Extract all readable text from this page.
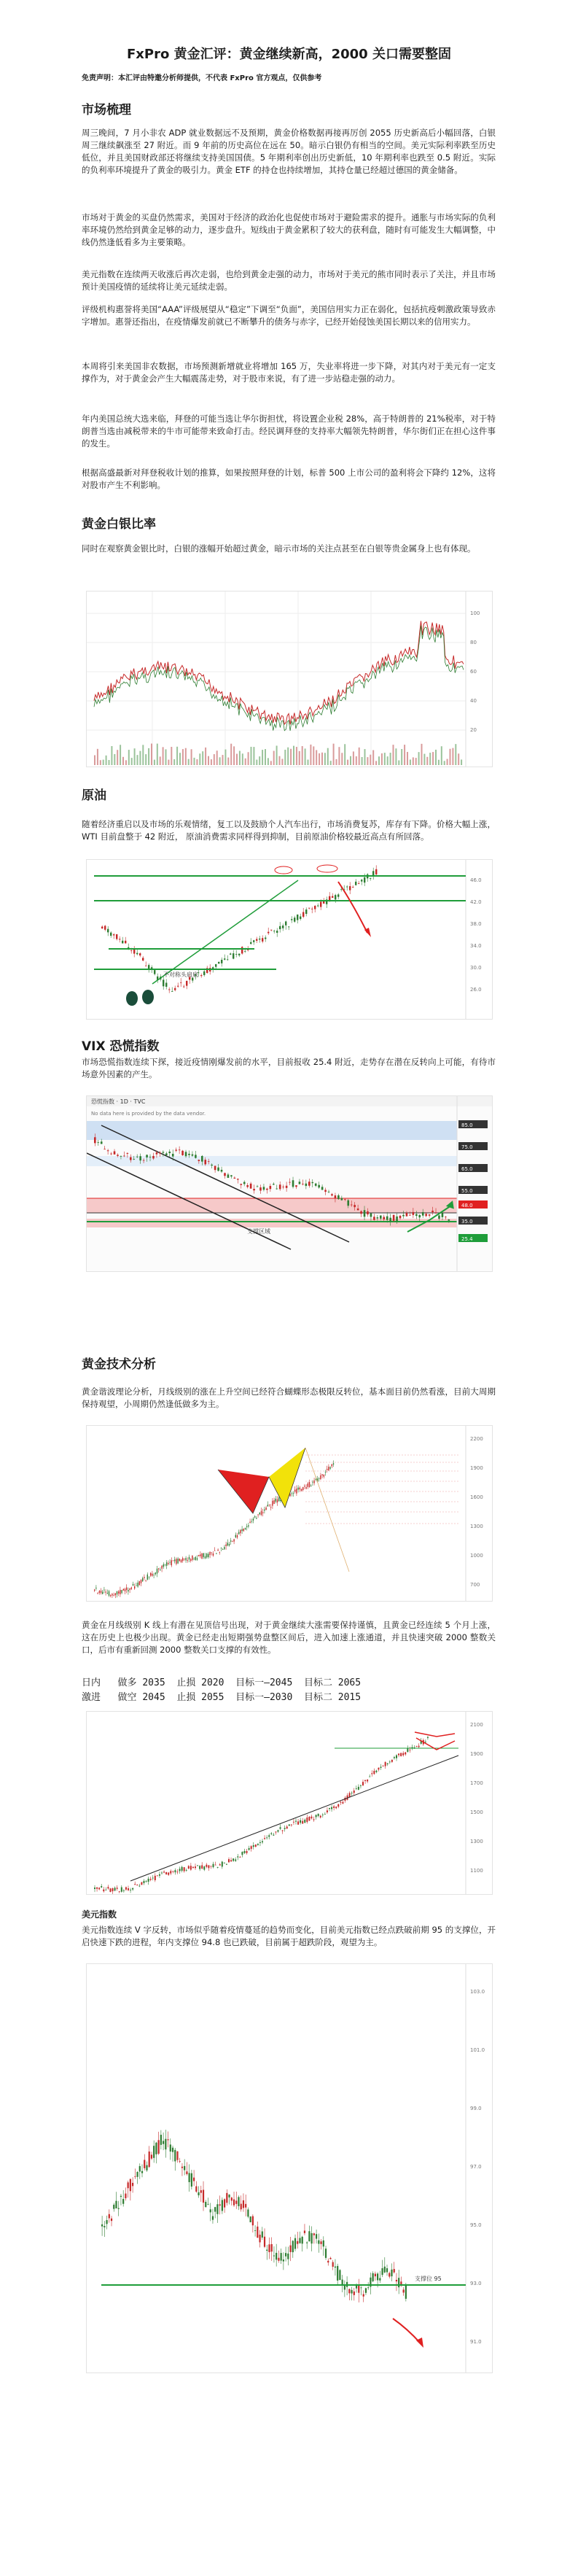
FxPro 黄金汇评：黄金继续新高，2000 关口需要整固
免责声明：本汇评由特邀分析师提供，不代表 FxPro 官方观点，仅供参考
市场梳理
周三晚间，7 月小非农 ADP 就业数据远不及预期，黄金价格数据再接再厉创 2055 历史新高后小幅回落，白银周三继续飙涨至 27 附近。而 9 年前的历史高位在远在 50。暗示白银仍有相当的空间。美元实际利率跌至历史低位，并且美国财政部还将继续支持美国国债。5 年期利率创出历史新低，10 年期利率也跌至 0.5 附近。实际的负利率环境提升了黄金的吸引力。黄金 ETF 的持仓也持续增加，其持仓量已经超过德国的黄金储备。
市场对于黄金的买盘仍然需求，美国对于经济的政治化也促使市场对于避险需求的提升。通胀与市场实际的负利率环境仍然给到黄金足够的动力，逐步盘升。短线由于黄金累积了较大的获利盘，随时有可能发生大幅调整，中线仍然逢低看多为主要策略。
美元指数在连续两天收涨后再次走弱，也给到黄金走强的动力，市场对于美元的熊市同时表示了关注，并且市场预计美国疫情的延续将让美元延续走弱。
评级机构惠誉将美国“AAA”评级展望从“稳定”下调至“负面”，美国信用实力正在弱化，包括抗疫刺激政策导致赤字增加。惠誉还指出，在疫情爆发前就已不断攀升的债务与赤字，已经开始侵蚀美国长期以来的信用实力。
本周将引来美国非农数据，市场预测新增就业将增加 165 万，失业率将进一步下降，对其内对于美元有一定支撑作为，对于黄金会产生大幅震荡走势，对于股市来说，有了进一步站稳走强的动力。
年内美国总统大选来临，拜登的可能当选让华尔街担忧，将设置企业税 28%，高于特朗普的 21%税率，对于特朗普当选由减税带来的牛市可能带来致命打击。经民调拜登的支持率大幅领先特朗普，华尔街们正在担心这件事的发生。
根据高盛最新对拜登税收计划的推算，如果按照拜登的计划，标普 500 上市公司的盈利将会下降约 12%，这将对股市产生不利影响。
黄金白银比率
同时在观察黄金银比时，白银的涨幅开始超过黄金，暗示市场的关注点甚至在白银等贵金属身上也有体现。
100
80
60
40
20
原油
随着经济重启以及市场的乐观情绪，复工以及鼓励个人汽车出行，市场消费复苏，库存有下降。价格大幅上涨，WTI 目前盘整于 42 附近， 原油消费需求同样得到抑制，目前原油价格较最近高点有所回落。
46.0
42.0
38.0
34.0
30.0
26.0
不对称头肩底
VIX 恐慌指数
市场恐慌指数连续下探，接近疫情刚爆发前的水平，目前报收 25.4 附近，走势存在潜在反转向上可能，有待市场意外因素的产生。
恐慌指数 · 1D · TVC
No data here is provided by the data vendor.
支撑区域
85.0
75.0
65.0
55.0
48.0
35.0
25.4
黄金技术分析
黄金谐波理论分析，月线级别的涨在上升空间已经符合蝴蝶形态极限反转位，基本面目前仍然看涨，目前大周期保持观望，小周期仍然逢低做多为主。
2200
1900
1600
1300
1000
700
黄金在月线级别 K 线上有潜在见顶信号出现，对于黄金继续大涨需要保持谨慎，且黄金已经连续 5 个月上涨，这在历史上也极少出现。黄金已经走出短期强势盘整区间后，进入加速上涨通道，并且快速突破 2000 整数关口，后市有重新回测 2000 整数关口支撑的有效性。
日内 做多 2035 止损 2020 目标一—2045 目标二 2065
激进 做空 2045 止损 2055 目标一—2030 目标二 2015
2100
1900
1700
1500
1300
1100
美元指数
美元指数连续 V 字反转，市场似乎随着疫情蔓延的趋势而变化，目前美元指数已经点跌破前期 95 的支撑位，开启快速下跌的进程，年内支撑位 94.8 也已跌破，目前属于超跌阶段，观望为主。
103.0
101.0
99.0
97.0
95.0
93.0
91.0
支撑位 95
